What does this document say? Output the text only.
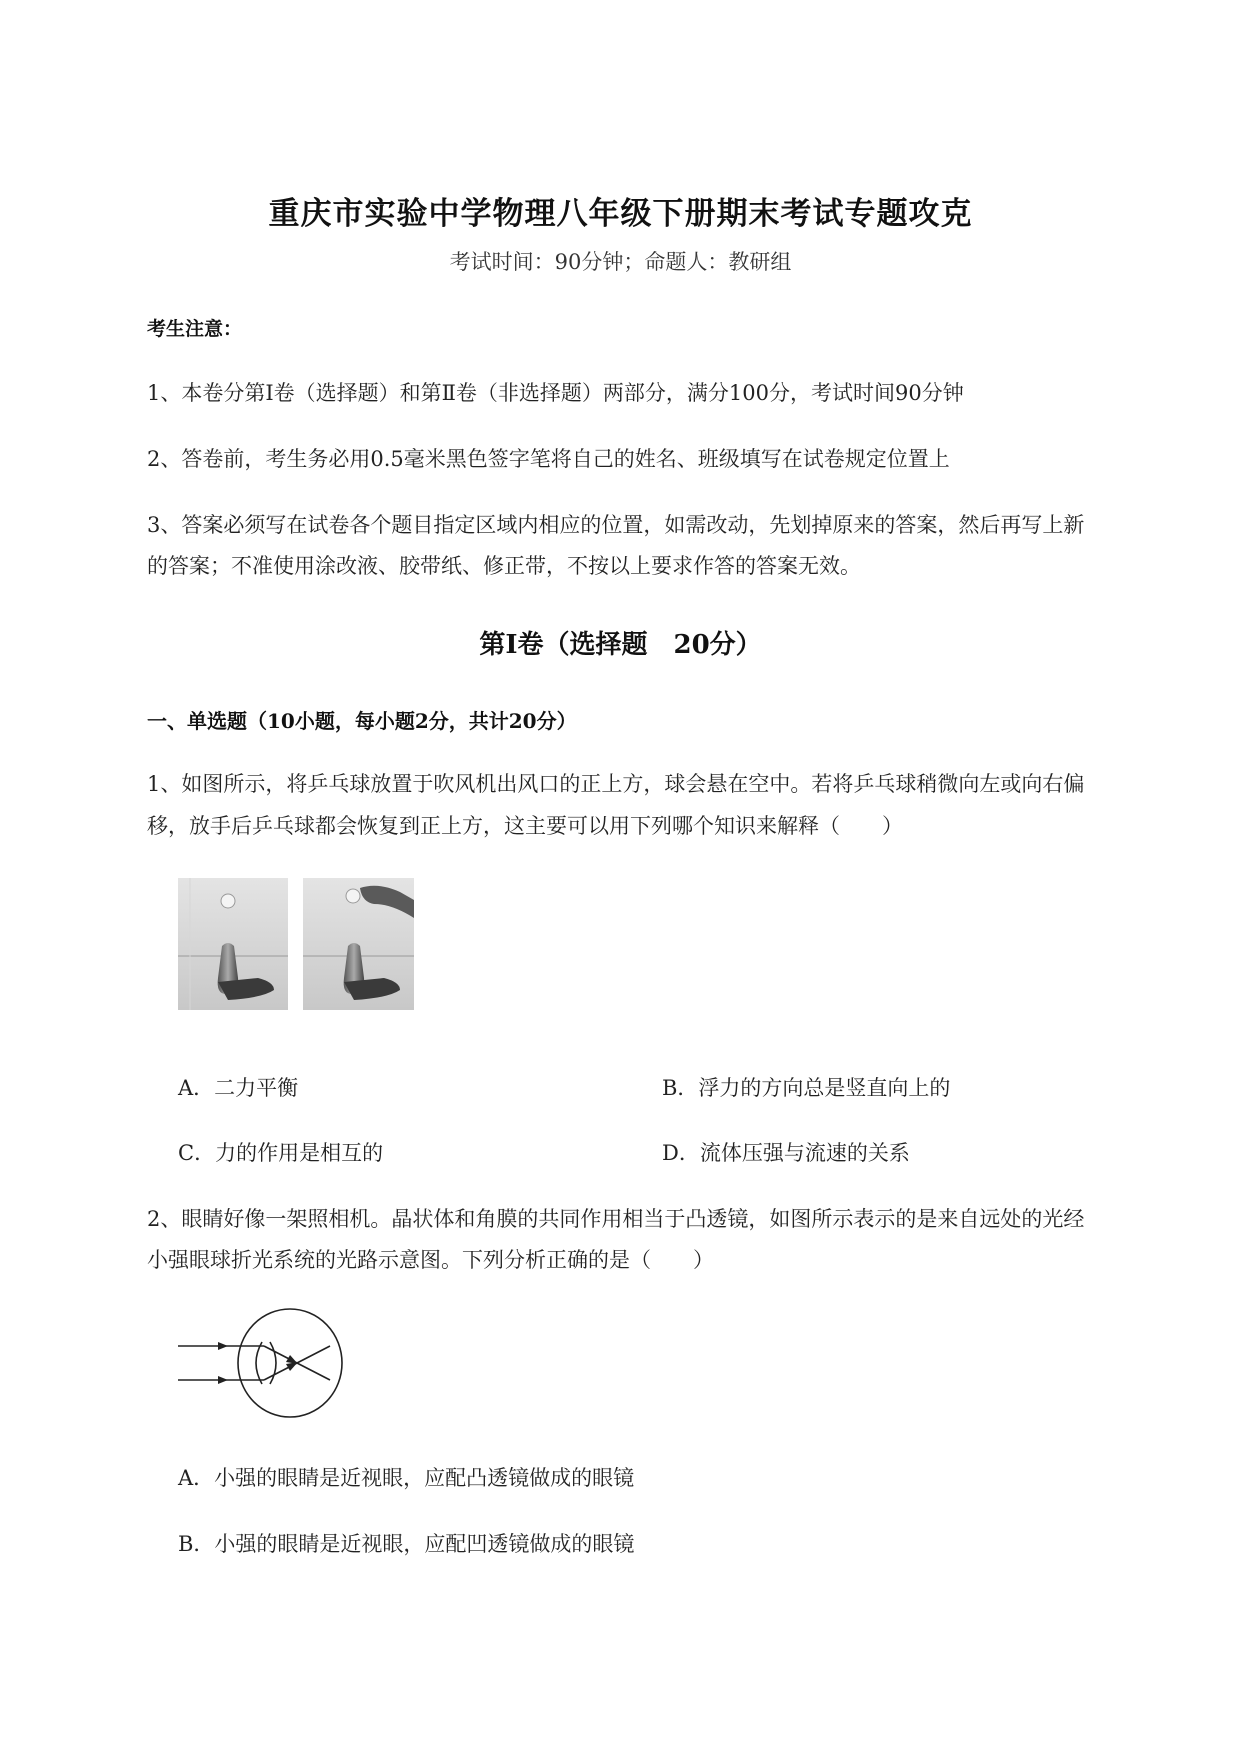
重庆市实验中学物理八年级下册期末考试专题攻克
考试时间：90分钟；命题人：教研组
考生注意：
1、本卷分第I卷（选择题）和第Ⅱ卷（非选择题）两部分，满分100分，考试时间90分钟
2、答卷前，考生务必用0.5毫米黑色签字笔将自己的姓名、班级填写在试卷规定位置上
3、答案必须写在试卷各个题目指定区域内相应的位置，如需改动，先划掉原来的答案，然后再写上新
的答案；不准使用涂改液、胶带纸、修正带，不按以上要求作答的答案无效。
第I卷（选择题　20分）
一、单选题（10小题，每小题2分，共计20分）
1、如图所示，将乒乓球放置于吹风机出风口的正上方，球会悬在空中。若将乒乓球稍微向左或向右偏
移，放手后乒乓球都会恢复到正上方，这主要可以用下列哪个知识来解释（　　）
A．二力平衡	B．浮力的方向总是竖直向上的
C．力的作用是相互的	D．流体压强与流速的关系
2、眼睛好像一架照相机。晶状体和角膜的共同作用相当于凸透镜，如图所示表示的是来自远处的光经
小强眼球折光系统的光路示意图。下列分析正确的是（　　）
A．小强的眼睛是近视眼，应配凸透镜做成的眼镜
B．小强的眼睛是近视眼，应配凹透镜做成的眼镜
